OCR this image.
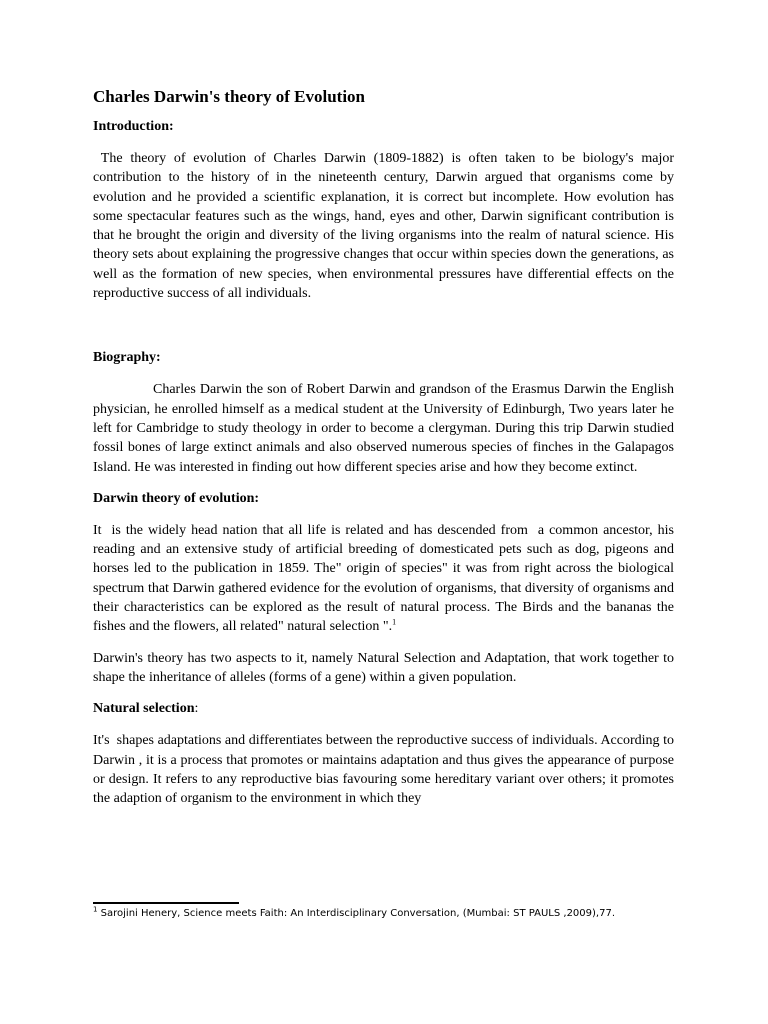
Charles Darwin's theory of Evolution
Introduction:

The theory of evolution of Charles Darwin (1809-1882) is often taken to be biology's major contribution to the history of in the nineteenth century, Darwin argued that organisms come by evolution and he provided a scientific explanation, it is correct but incomplete. How evolution has some spectacular features such as the wings, hand, eyes and other, Darwin significant contribution is that he brought the origin and diversity of the living organisms into the realm of natural science. His theory sets about explaining the progressive changes that occur within species down the generations, as well as the formation of new species, when environmental pressures have differential effects on the reproductive success of all individuals.

Biography:

Charles Darwin the son of Robert Darwin and grandson of the Erasmus Darwin the English physician, he enrolled himself as a medical student at the University of Edinburgh, Two years later he left for Cambridge to study theology in order to become a clergyman. During this trip Darwin studied fossil bones of large extinct animals and also observed numerous species of finches in the Galapagos Island. He was interested in finding out how different species arise and how they become extinct.

Darwin theory of evolution:

It  is the widely head nation that all life is related and has descended from  a common ancestor, his reading and an extensive study of artificial breeding of domesticated pets such as dog, pigeons and horses led to the publication in 1859. The" origin of species" it was from right across the biological spectrum that Darwin gathered evidence for the evolution of organisms, that diversity of organisms and their characteristics can be explored as the result of natural process. The Birds and the bananas the fishes and the flowers, all related" natural selection ".$^1$

Darwin's theory has two aspects to it, namely Natural Selection and Adaptation, that work together to shape the inheritance of alleles (forms of a gene) within a given population.

Natural selection:

It's  shapes adaptations and differentiates between the reproductive success of individuals. According to Darwin , it is a process that promotes or maintains adaptation and thus gives the appearance of purpose or design. It refers to any reproductive bias favouring some hereditary variant over others; it promotes the adaption of organism to the environment in which they

$^1$ Sarojini Henery, Science meets Faith: An Interdisciplinary Conversation, (Mumbai: ST PAULS ,2009),77.
